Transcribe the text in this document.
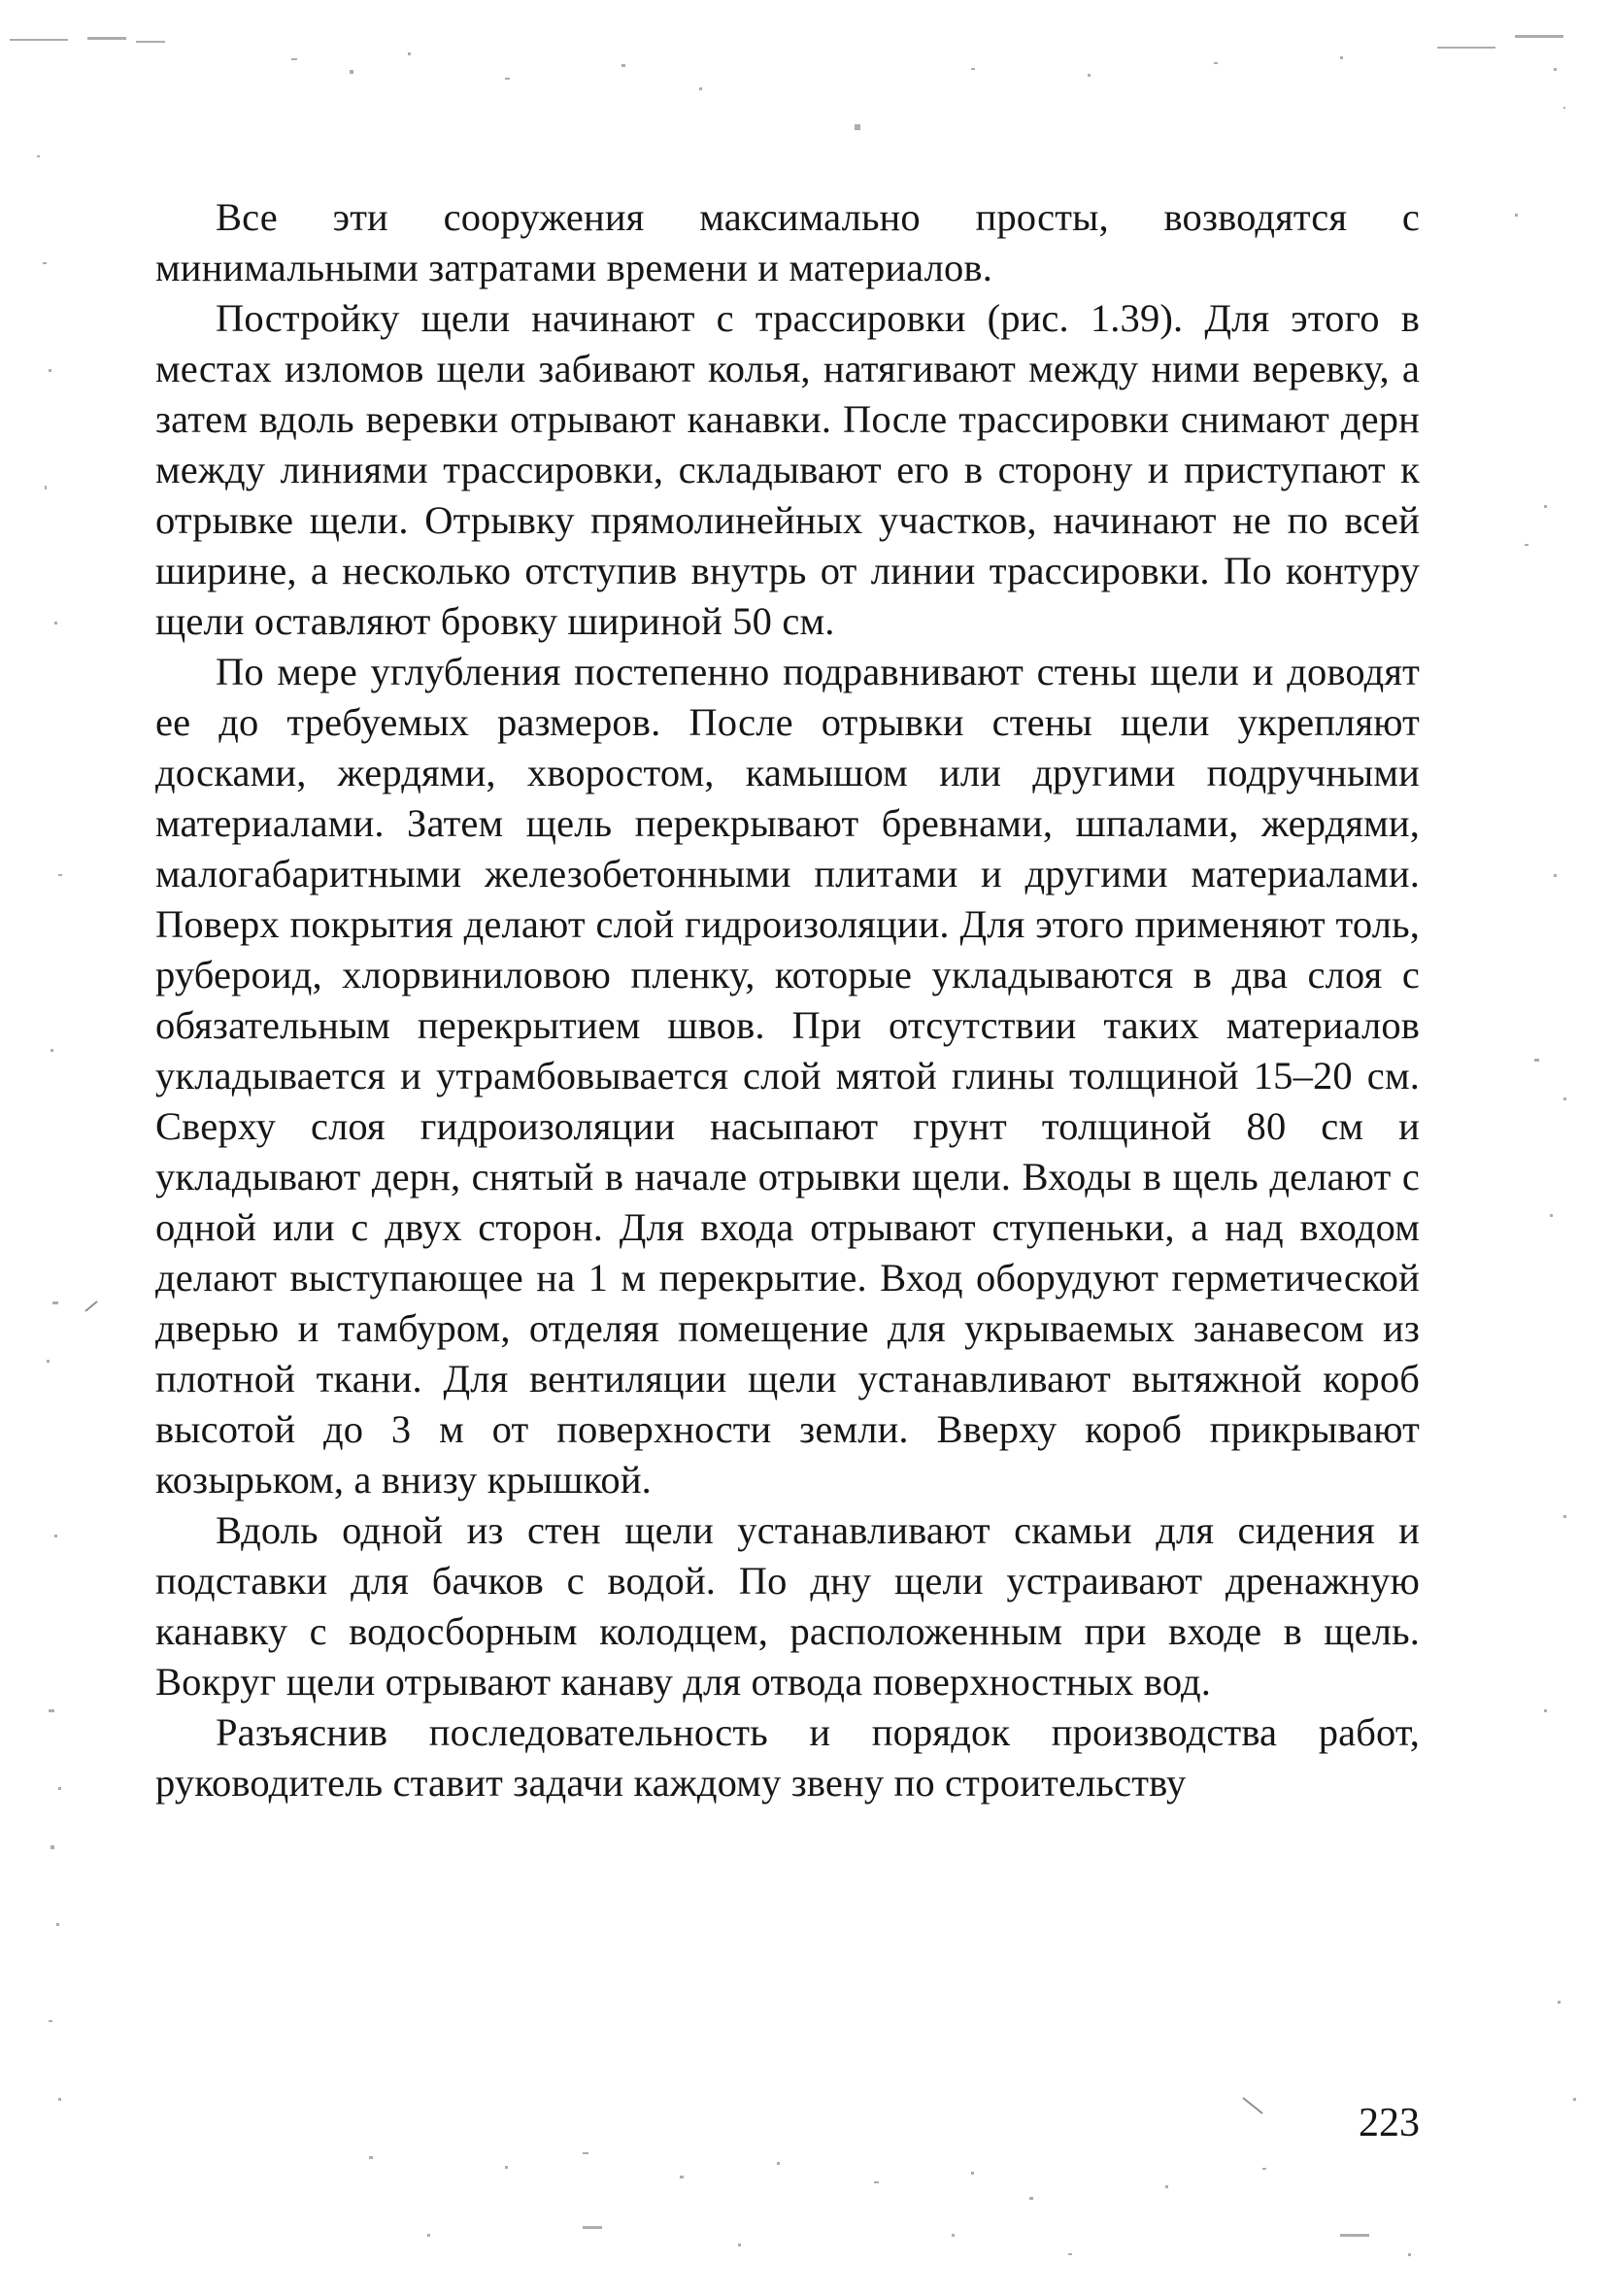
Все эти сооружения максимально просты, возводятся с минимальными затратами времени и материалов.

Постройку щели начинают с трассировки (рис. 1.39). Для этого в местах изломов щели забивают колья, натягивают между ними веревку, а затем вдоль веревки отрывают канавки. После трассировки снимают дерн между линиями трассировки, складывают его в сторону и приступают к отрывке щели. Отрывку прямолинейных участков, начинают не по всей ширине, а несколько отступив внутрь от линии трассировки. По контуру щели оставляют бровку шириной 50 см.

По мере углубления постепенно подравнивают стены щели и доводят ее до требуемых размеров. После отрывки стены щели укрепляют досками, жердями, хворостом, камышом или другими подручными материалами. Затем щель перекрывают бревнами, шпалами, жердями, малогабаритными железобетонными плитами и другими материалами. Поверх покрытия делают слой гидроизоляции. Для этого применяют толь, рубероид, хлорвиниловою пленку, которые укладываются в два слоя с обязательным перекрытием швов. При отсутствии таких материалов укладывается и утрамбовывается слой мятой глины толщиной 15–20 см. Сверху слоя гидроизоляции насыпают грунт толщиной 80 см и укладывают дерн, снятый в начале отрывки щели. Входы в щель делают с одной или с двух сторон. Для входа отрывают ступеньки, а над входом делают выступающее на 1 м перекрытие. Вход оборудуют герметической дверью и тамбуром, отделяя помещение для укрываемых занавесом из плотной ткани. Для вентиляции щели устанавливают вытяжной короб высотой до 3 м от поверхности земли. Вверху короб прикрывают козырьком, а внизу крышкой.

Вдоль одной из стен щели устанавливают скамьи для сидения и подставки для бачков с водой. По дну щели устраивают дренажную канавку с водосборным колодцем, расположенным при входе в щель. Вокруг щели отрывают канаву для отвода поверхностных вод.

Разъяснив последовательность и порядок производства работ, руководитель ставит задачи каждому звену по строительству

223
